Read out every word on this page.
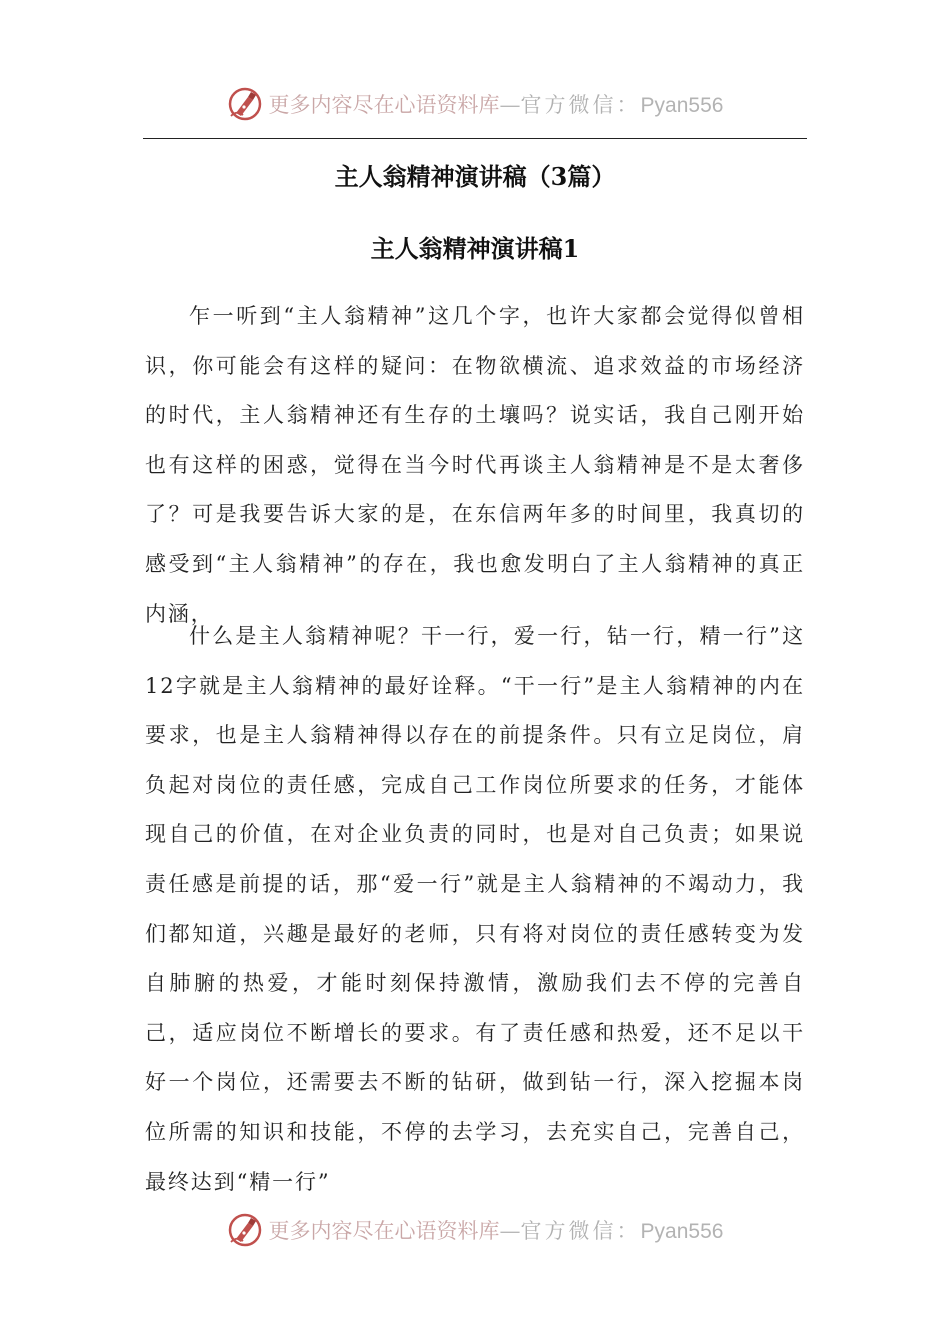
更多内容尽在心语资料库—官方微信：Pyan556
主人翁精神演讲稿（3篇）
主人翁精神演讲稿1

乍一听到“主人翁精神”这几个字，也许大家都会觉得似曾相识，你可能会有这样的疑问：在物欲横流、追求效益的市场经济的时代，主人翁精神还有生存的土壤吗？说实话，我自己刚开始也有这样的困惑，觉得在当今时代再谈主人翁精神是不是太奢侈了？可是我要告诉大家的是，在东信两年多的时间里，我真切的感受到“主人翁精神”的存在，我也愈发明白了主人翁精神的真正内涵，

什么是主人翁精神呢？干一行，爱一行，钻一行，精一行”这12字就是主人翁精神的最好诠释。“干一行”是主人翁精神的内在要求，也是主人翁精神得以存在的前提条件。只有立足岗位，肩负起对岗位的责任感，完成自己工作岗位所要求的任务，才能体现自己的价值，在对企业负责的同时，也是对自己负责；如果说责任感是前提的话，那“爱一行”就是主人翁精神的不竭动力，我们都知道，兴趣是最好的老师，只有将对岗位的责任感转变为发自肺腑的热爱，才能时刻保持激情，激励我们去不停的完善自己，适应岗位不断增长的要求。有了责任感和热爱，还不足以干好一个岗位，还需要去不断的钻研，做到钻一行，深入挖掘本岗位所需的知识和技能，不停的去学习，去充实自己，完善自己，最终达到“精一行”

更多内容尽在心语资料库—官方微信：Pyan556
